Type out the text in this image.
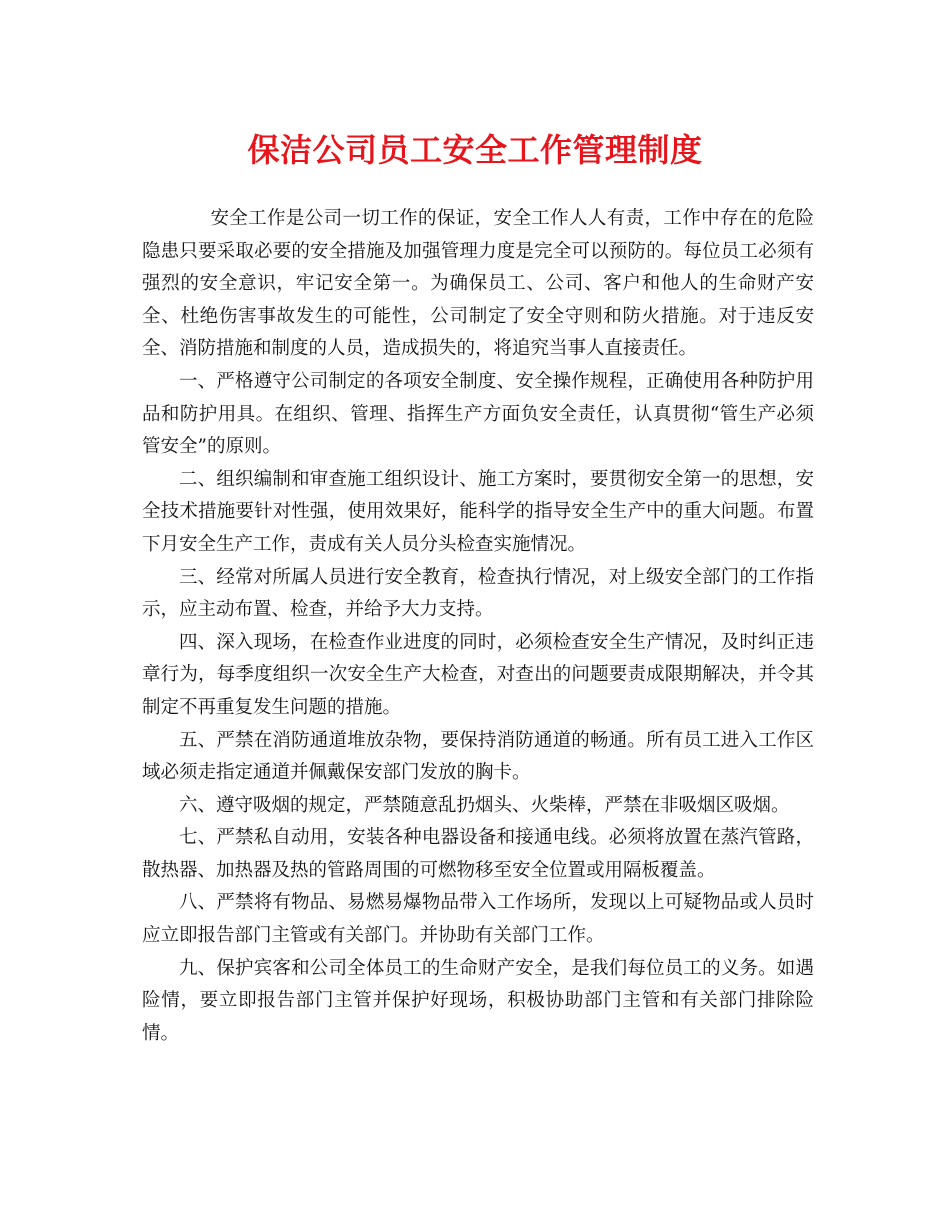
保洁公司员工安全工作管理制度

安全工作是公司一切工作的保证，安全工作人人有责，工作中存在的危险隐患只要采取必要的安全措施及加强管理力度是完全可以预防的。每位员工必须有强烈的安全意识，牢记安全第一。为确保员工、公司、客户和他人的生命财产安全、杜绝伤害事故发生的可能性，公司制定了安全守则和防火措施。对于违反安全、消防措施和制度的人员，造成损失的，将追究当事人直接责任。

一、严格遵守公司制定的各项安全制度、安全操作规程，正确使用各种防护用品和防护用具。在组织、管理、指挥生产方面负安全责任，认真贯彻“管生产必须管安全”的原则。

二、组织编制和审查施工组织设计、施工方案时，要贯彻安全第一的思想，安全技术措施要针对性强，使用效果好，能科学的指导安全生产中的重大问题。布置下月安全生产工作，责成有关人员分头检查实施情况。

三、经常对所属人员进行安全教育，检查执行情况，对上级安全部门的工作指示，应主动布置、检查，并给予大力支持。

四、深入现场，在检查作业进度的同时，必须检查安全生产情况，及时纠正违章行为，每季度组织一次安全生产大检查，对查出的问题要责成限期解决，并令其制定不再重复发生问题的措施。

五、严禁在消防通道堆放杂物，要保持消防通道的畅通。所有员工进入工作区域必须走指定通道并佩戴保安部门发放的胸卡。

六、遵守吸烟的规定，严禁随意乱扔烟头、火柴棒，严禁在非吸烟区吸烟。

七、严禁私自动用，安装各种电器设备和接通电线。必须将放置在蒸汽管路，散热器、加热器及热的管路周围的可燃物移至安全位置或用隔板覆盖。

八、严禁将有物品、易燃易爆物品带入工作场所，发现以上可疑物品或人员时应立即报告部门主管或有关部门。并协助有关部门工作。

九、保护宾客和公司全体员工的生命财产安全，是我们每位员工的义务。如遇险情，要立即报告部门主管并保护好现场，积极协助部门主管和有关部门排除险情。
